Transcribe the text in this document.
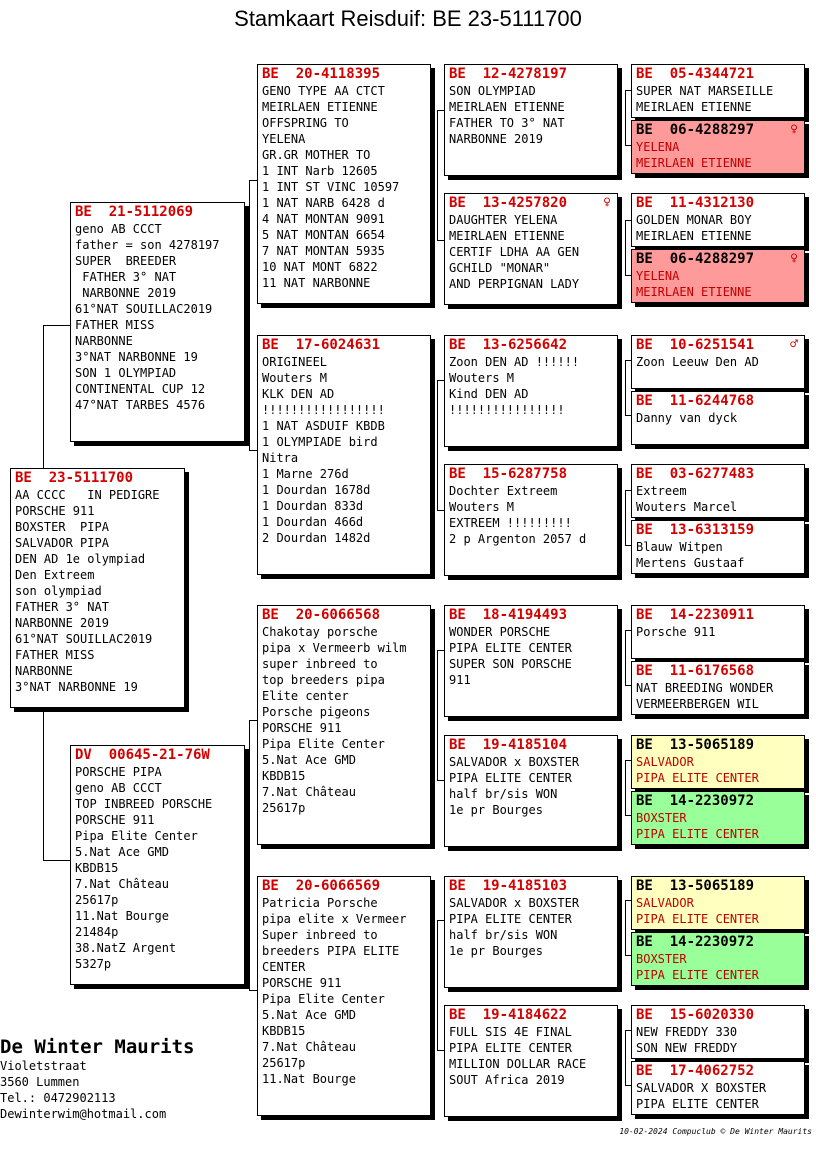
Stamkaart Reisduif: BE 23-5111700
BE  23-5111700
AA CCCC   IN PEDIGRE
PORSCHE 911
BOXSTER  PIPA
SALVADOR PIPA
DEN AD 1e olympiad
Den Extreem
son olympiad
FATHER 3° NAT
NARBONNE 2019
61°NAT SOUILLAC2019
FATHER MISS
NARBONNE
3°NAT NARBONNE 19
BE  21-5112069
geno AB CCCT
father = son 4278197
SUPER  BREEDER
FATHER 3° NAT
NARBONNE 2019
61°NAT SOUILLAC2019
FATHER MISS
NARBONNE
3°NAT NARBONNE 19
SON 1 OLYMPIAD
CONTINENTAL CUP 12
47°NAT TARBES 4576
DV  00645-21-76W
PORSCHE PIPA
geno AB CCCT
TOP INBREED PORSCHE
PORSCHE 911
Pipa Elite Center
5.Nat Ace GMD
KBDB15
7.Nat Château
25617p
11.Nat Bourge
21484p
38.NatZ Argent
5327p
BE  20-4118395
GENO TYPE AA CTCT
MEIRLAEN ETIENNE
OFFSPRING TO
YELENA
GR.GR MOTHER TO
1 INT Narb 12605
1 INT ST VINC 10597
1 NAT NARB 6428 d
4 NAT MONTAN 9091
5 NAT MONTAN 6654
7 NAT MONTAN 5935
10 NAT MONT 6822
11 NAT NARBONNE
BE  17-6024631
ORIGINEEL
Wouters M
KLK DEN AD
!!!!!!!!!!!!!!!!!
1 NAT ASDUIF KBDB
1 OLYMPIADE bird
Nitra
1 Marne 276d
1 Dourdan 1678d
1 Dourdan 833d
1 Dourdan 466d
2 Dourdan 1482d
BE  20-6066568
Chakotay porsche
pipa x Vermeerb wilm
super inbreed to
top breeders pipa
Elite center
Porsche pigeons
PORSCHE 911
Pipa Elite Center
5.Nat Ace GMD
KBDB15
7.Nat Château
25617p
BE  20-6066569
Patricia Porsche
pipa elite x Vermeer
Super inbreed to
breeders PIPA ELITE
CENTER
PORSCHE 911
Pipa Elite Center
5.Nat Ace GMD
KBDB15
7.Nat Château
25617p
11.Nat Bourge
BE  12-4278197
SON OLYMPIAD
MEIRLAEN ETIENNE
FATHER TO 3° NAT
NARBONNE 2019
BE  13-4257820	♀
DAUGHTER YELENA
MEIRLAEN ETIENNE
CERTIF LDHA AA GEN
GCHILD "MONAR"
AND PERPIGNAN LADY
BE  13-6256642
Zoon DEN AD !!!!!!
Wouters M
Kind DEN AD
!!!!!!!!!!!!!!!!
BE  15-6287758
Dochter Extreem
Wouters M
EXTREEM !!!!!!!!!
2 p Argenton 2057 d
BE  18-4194493
WONDER PORSCHE
PIPA ELITE CENTER
SUPER SON PORSCHE
911
BE  19-4185104
SALVADOR x BOXSTER
PIPA ELITE CENTER
half br/sis WON
1e pr Bourges
BE  19-4185103
SALVADOR x BOXSTER
PIPA ELITE CENTER
half br/sis WON
1e pr Bourges
BE  19-4184622
FULL SIS 4E FINAL
PIPA ELITE CENTER
MILLION DOLLAR RACE
SOUT Africa 2019
BE  05-4344721
SUPER NAT MARSEILLE
MEIRLAEN ETIENNE
BE  06-4288297	♀
YELENA
MEIRLAEN ETIENNE
BE  11-4312130
GOLDEN MONAR BOY
MEIRLAEN ETIENNE
BE  06-4288297	♀
YELENA
MEIRLAEN ETIENNE
BE  10-6251541	♂
Zoon Leeuw Den AD
BE  11-6244768
Danny van dyck
BE  03-6277483
Extreem
Wouters Marcel
BE  13-6313159
Blauw Witpen
Mertens Gustaaf
BE  14-2230911
Porsche 911
BE  11-6176568
NAT BREEDING WONDER
VERMEERBERGEN WIL
BE  13-5065189
SALVADOR
PIPA ELITE CENTER
BE  14-2230972
BOXSTER
PIPA ELITE CENTER
BE  13-5065189
SALVADOR
PIPA ELITE CENTER
BE  14-2230972
BOXSTER
PIPA ELITE CENTER
BE  15-6020330
NEW FREDDY 330
SON NEW FREDDY
BE  17-4062752
SALVADOR X BOXSTER
PIPA ELITE CENTER
De Winter Maurits
Violetstraat
3560 Lummen
Tel.: 0472902113
Dewinterwim@hotmail.com
10-02-2024 Compuclub © De Winter Maurits
